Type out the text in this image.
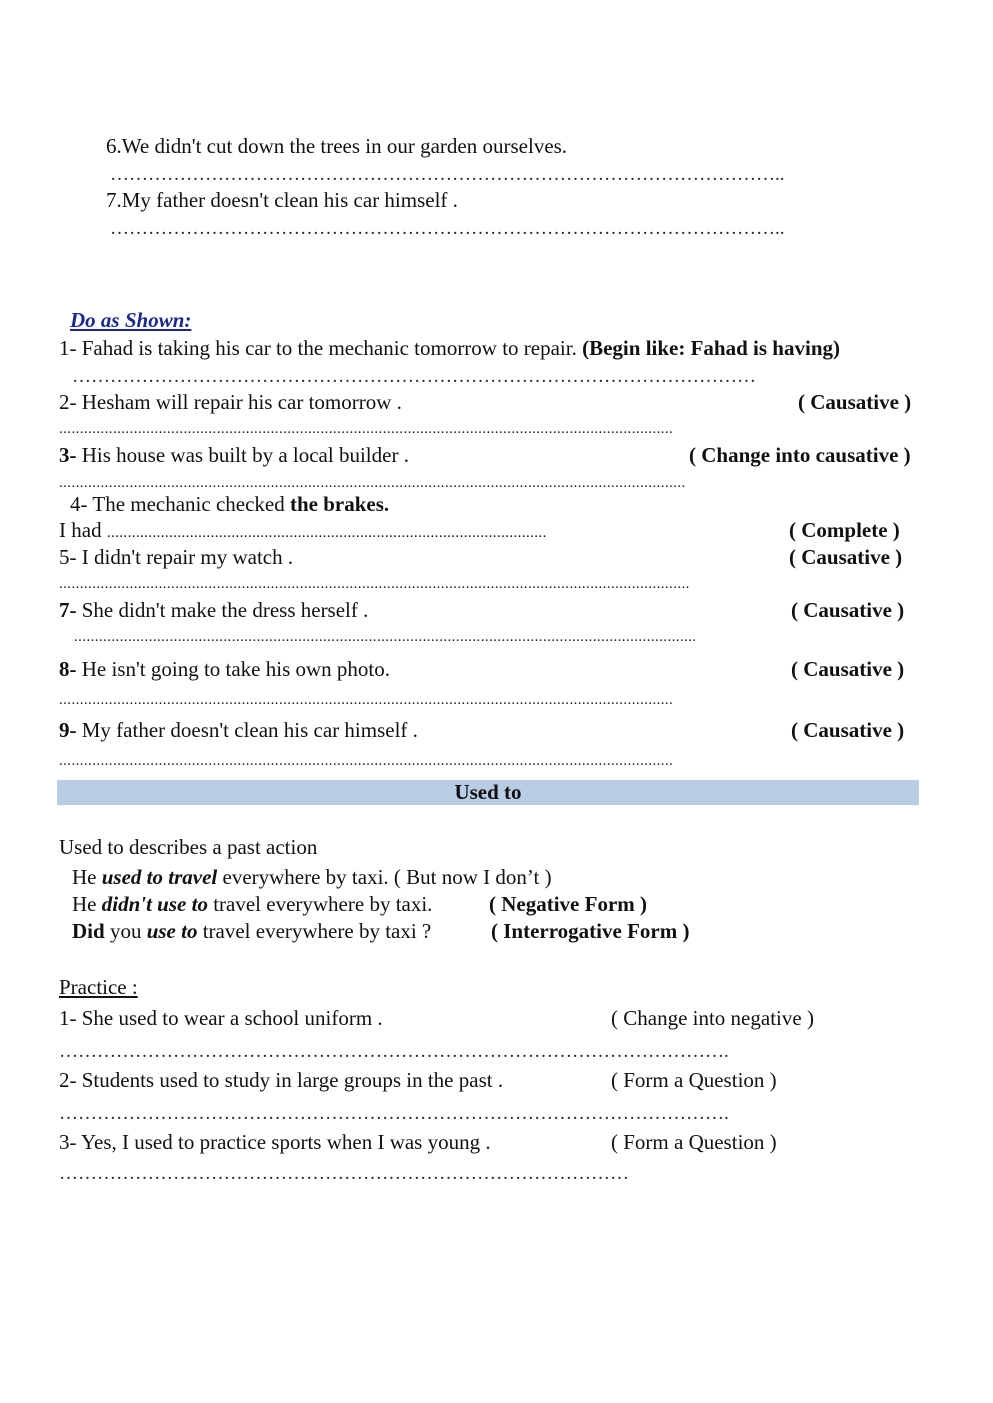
6.We didn't cut down the trees in our garden ourselves.
……………………………………………………………………………………………..
7.My father doesn't clean his car himself .
……………………………………………………………………………………………..
Do as Shown:
1- Fahad is taking his car to the mechanic tomorrow to repair. (Begin like: Fahad is having)
………………………………………………………………………………………………
2- Hesham will repair his car tomorrow .	( Causative )
....................................................................................................................................................
3- His house was built by a local builder .	( Change into causative )
.......................................................................................................................................................
4- The mechanic checked the brakes.
I had ..........................................................................................................	( Complete )
5- I didn't repair my watch .	( Causative )
........................................................................................................................................................
7- She didn't make the dress herself .	( Causative )
......................................................................................................................................................
8- He isn't going to take his own photo.	( Causative )
....................................................................................................................................................
9- My father doesn't clean his car himself .	( Causative )
....................................................................................................................................................
Used to
Used to describes a past action
He used to travel everywhere by taxi. ( But now I don’t )
He didn't use to travel everywhere by taxi.	( Negative Form )
Did you use to travel everywhere by taxi ?	( Interrogative Form )
Practice :
1- She used to wear a school uniform .	( Change into negative )
…………………………………………………………………………………………….
2- Students used to study in large groups in the past .	( Form a Question )
…………………………………………………………………………………………….
3- Yes, I used to practice sports when I was young .	( Form a Question )
………………………………………………………………………………
